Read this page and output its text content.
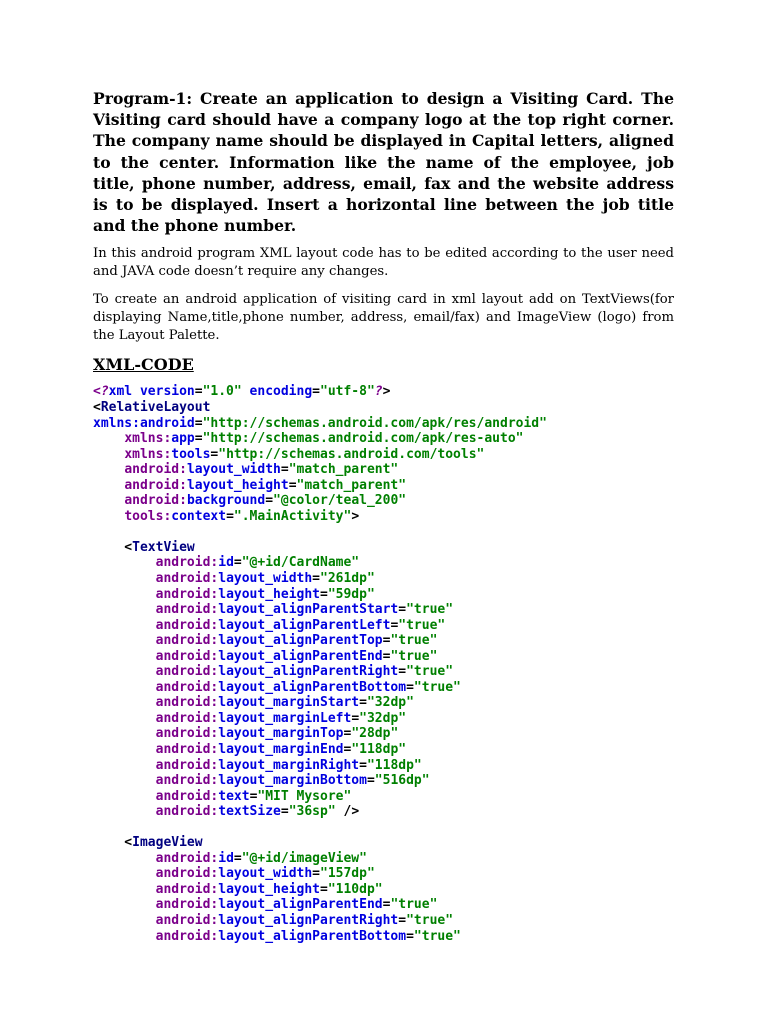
Program-1: Create an application to design a Visiting Card. The Visiting card should have a company logo at the top right corner. The company name should be displayed in Capital letters, aligned to the center. Information like the name of the employee, job title, phone number, address, email, fax and the website address is to be displayed. Insert a horizontal line between the job title and the phone number.

In this android program XML layout code has to be edited according to the user need and JAVA code doesn’t require any changes.

To create an android application of visiting card in xml layout add on TextViews(for displaying Name,title,phone number, address, email/fax) and ImageView (logo) from the Layout Palette.

XML-CODE
<?xml version="1.0" encoding="utf-8"?>
<RelativeLayout
xmlns:android="http://schemas.android.com/apk/res/android"
xmlns:app="http://schemas.android.com/apk/res-auto"
xmlns:tools="http://schemas.android.com/tools"
android:layout_width="match_parent"
android:layout_height="match_parent"
android:background="@color/teal_200"
tools:context=".MainActivity">
<TextView
android:id="@+id/CardName"
android:layout_width="261dp"
android:layout_height="59dp"
android:layout_alignParentStart="true"
android:layout_alignParentLeft="true"
android:layout_alignParentTop="true"
android:layout_alignParentEnd="true"
android:layout_alignParentRight="true"
android:layout_alignParentBottom="true"
android:layout_marginStart="32dp"
android:layout_marginLeft="32dp"
android:layout_marginTop="28dp"
android:layout_marginEnd="118dp"
android:layout_marginRight="118dp"
android:layout_marginBottom="516dp"
android:text="MIT Mysore"
android:textSize="36sp" />
<ImageView
android:id="@+id/imageView"
android:layout_width="157dp"
android:layout_height="110dp"
android:layout_alignParentEnd="true"
android:layout_alignParentRight="true"
android:layout_alignParentBottom="true"
